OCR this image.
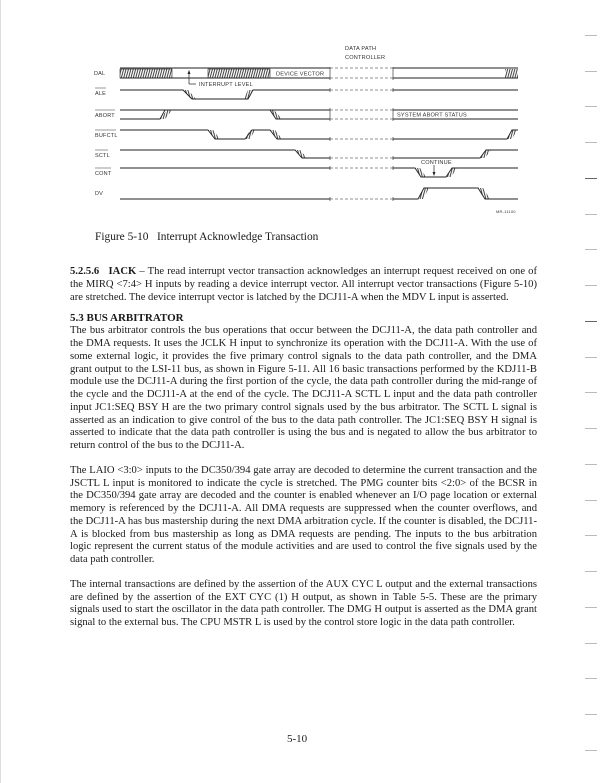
DATA PATH
CONTROLLER
DAL
ALE
ABORT
BUFCTL
SCTL
CONT
DV
DEVICE VECTOR
INTERRUPT LEVEL
SYSTEM ABORT STATUS
CONTINUE
MR-11100
Figure 5-10   Interrupt Acknowledge Transaction

5.2.5.6 IACK – The read interrupt vector transaction acknowledges an interrupt request received on one of the MIRQ <7:4> H inputs by reading a device interrupt vector. All interrupt vector transactions (Figure 5-10) are stretched. The device interrupt vector is latched by the DCJ11-A when the MDV L input is asserted.

5.3 BUS ARBITRATOR

The bus arbitrator controls the bus operations that occur between the DCJ11-A, the data path controller and the DMA requests. It uses the JCLK H input to synchronize its operation with the DCJ11-A. With the use of some external logic, it provides the five primary control signals to the data path controller, and the DMA grant output to the LSI-11 bus, as shown in Figure 5-11. All 16 basic transactions performed by the KDJ11-B module use the DCJ11-A during the first portion of the cycle, the data path controller during the mid-range of the cycle and the DCJ11-A at the end of the cycle. The DCJ11-A SCTL L input and the data path controller input JC1:SEQ BSY H are the two primary control signals used by the bus arbitrator. The SCTL L signal is asserted as an indication to give control of the bus to the data path controller. The JC1:SEQ BSY H signal is asserted to indicate that the data path controller is using the bus and is negated to allow the bus arbitrator to return control of the bus to the DCJ11-A.

The LAIO <3:0> inputs to the DC350/394 gate array are decoded to determine the current transaction and the JSCTL L input is monitored to indicate the cycle is stretched. The PMG counter bits <2:0> of the BCSR in the DC350/394 gate array are decoded and the counter is enabled whenever an I/O page location or external memory is referenced by the DCJ11-A. All DMA requests are suppressed when the counter overflows, and the DCJ11-A has bus mastership during the next DMA arbitration cycle. If the counter is disabled, the DCJ11-A is blocked from bus mastership as long as DMA requests are pending. The inputs to the bus arbitration logic represent the current status of the module activities and are used to control the five signals used by the data path controller.

The internal transactions are defined by the assertion of the AUX CYC L output and the external transactions are defined by the assertion of the EXT CYC (1) H output, as shown in Table 5-5. These are the primary signals used to start the oscillator in the data path controller. The DMG H output is asserted as the DMA grant signal to the external bus. The CPU MSTR L is used by the control store logic in the data path controller.

5-10
